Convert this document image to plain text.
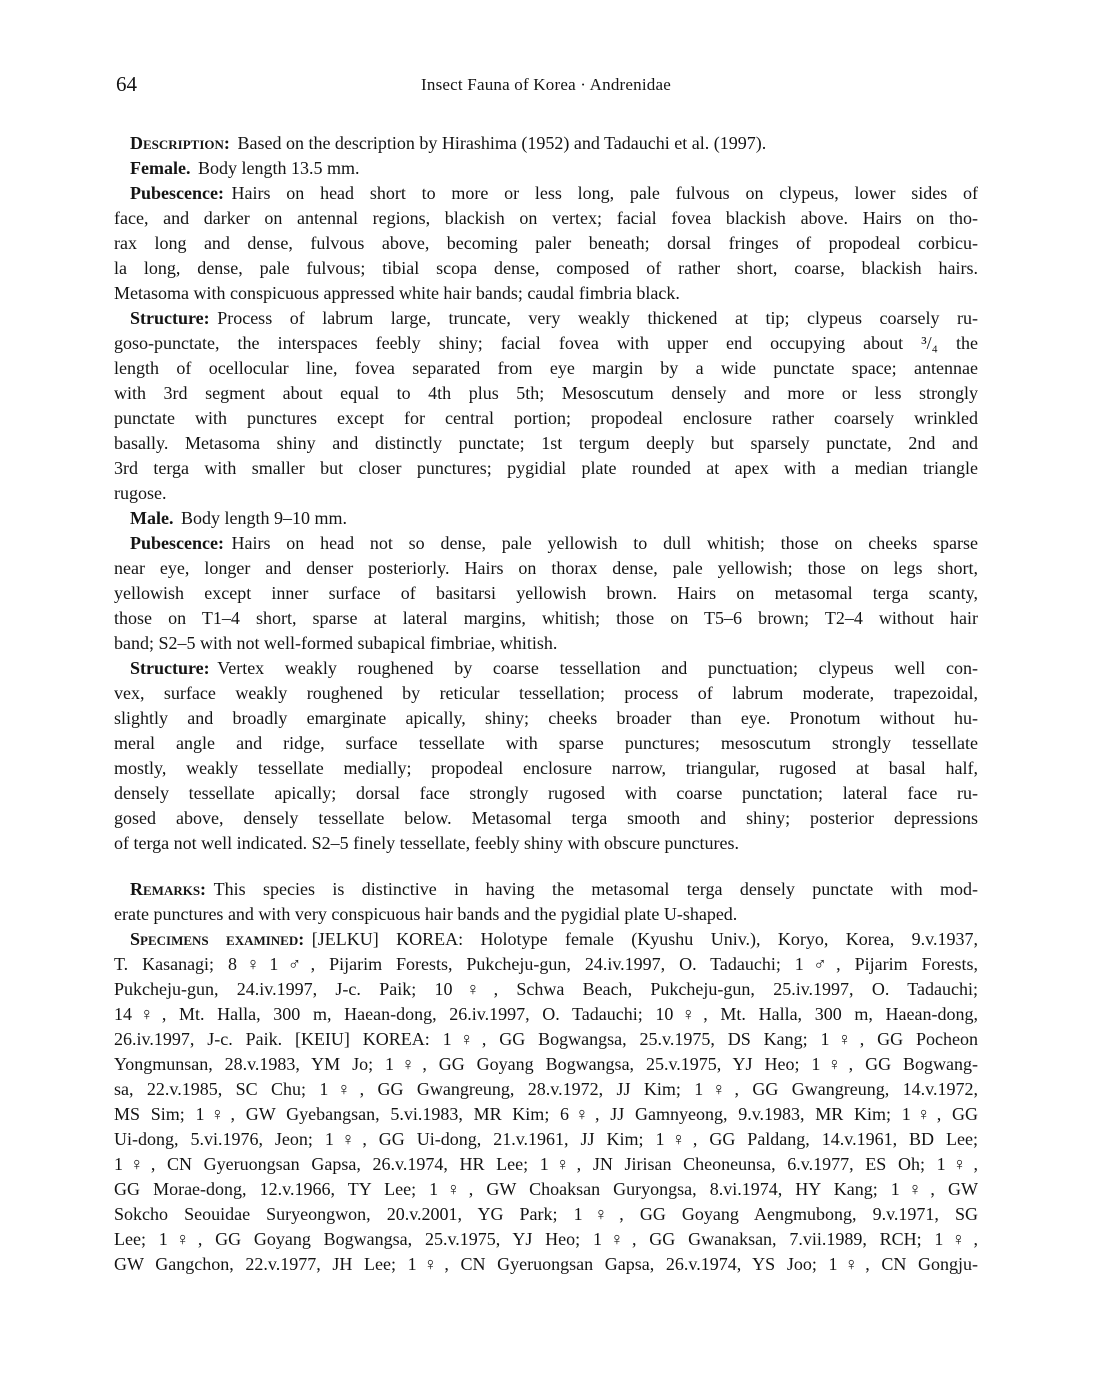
64	Insect Fauna of Korea · Andrenidae
Description: Based on the description by Hirashima (1952) and Tadauchi et al. (1997).
Female. Body length 13.5 mm.
Pubescence: Hairs on head short to more or less long, pale fulvous on clypeus, lower sides of
face, and darker on antennal regions, blackish on vertex; facial fovea blackish above. Hairs on tho-
rax long and dense, fulvous above, becoming paler beneath; dorsal fringes of propodeal corbicu-
la long, dense, pale fulvous; tibial scopa dense, composed of rather short, coarse, blackish hairs.
Metasoma with conspicuous appressed white hair bands; caudal fimbria black.
Structure: Process of labrum large, truncate, very weakly thickened at tip; clypeus coarsely ru-
goso-punctate, the interspaces feebly shiny; facial fovea with upper end occupying about ³/₄ the
length of ocellocular line, fovea separated from eye margin by a wide punctate space; antennae
with 3rd segment about equal to 4th plus 5th; Mesoscutum densely and more or less strongly
punctate with punctures except for central portion; propodeal enclosure rather coarsely wrinkled
basally. Metasoma shiny and distinctly punctate; 1st tergum deeply but sparsely punctate, 2nd and
3rd terga with smaller but closer punctures; pygidial plate rounded at apex with a median triangle
rugose.
Male. Body length 9–10 mm.
Pubescence: Hairs on head not so dense, pale yellowish to dull whitish; those on cheeks sparse
near eye, longer and denser posteriorly. Hairs on thorax dense, pale yellowish; those on legs short,
yellowish except inner surface of basitarsi yellowish brown. Hairs on metasomal terga scanty,
those on T1–4 short, sparse at lateral margins, whitish; those on T5–6 brown; T2–4 without hair
band; S2–5 with not well-formed subapical fimbriae, whitish.
Structure: Vertex weakly roughened by coarse tessellation and punctuation; clypeus well con-
vex, surface weakly roughened by reticular tessellation; process of labrum moderate, trapezoidal,
slightly and broadly emarginate apically, shiny; cheeks broader than eye. Pronotum without hu-
meral angle and ridge, surface tessellate with sparse punctures; mesoscutum strongly tessellate
mostly, weakly tessellate medially; propodeal enclosure narrow, triangular, rugosed at basal half,
densely tessellate apically; dorsal face strongly rugosed with coarse punctation; lateral face ru-
gosed above, densely tessellate below. Metasomal terga smooth and shiny; posterior depressions
of terga not well indicated. S2–5 finely tessellate, feebly shiny with obscure punctures.
Remarks: This species is distinctive in having the metasomal terga densely punctate with mod-
erate punctures and with very conspicuous hair bands and the pygidial plate U-shaped.
Specimens examined: [JELKU] KOREA: Holotype female (Kyushu Univ.), Koryo, Korea, 9.v.1937,
T. Kasanagi; 8♀1♂, Pijarim Forests, Pukcheju-gun, 24.iv.1997, O. Tadauchi; 1♂, Pijarim Forests,
Pukcheju-gun, 24.iv.1997, J-c. Paik; 10♀, Schwa Beach, Pukcheju-gun, 25.iv.1997, O. Tadauchi;
14♀, Mt. Halla, 300 m, Haean-dong, 26.iv.1997, O. Tadauchi; 10♀, Mt. Halla, 300 m, Haean-dong,
26.iv.1997, J-c. Paik. [KEIU] KOREA: 1♀, GG Bogwangsa, 25.v.1975, DS Kang; 1♀, GG Pocheon
Yongmunsan, 28.v.1983, YM Jo; 1♀, GG Goyang Bogwangsa, 25.v.1975, YJ Heo; 1♀, GG Bogwang-
sa, 22.v.1985, SC Chu; 1♀, GG Gwangreung, 28.v.1972, JJ Kim; 1♀, GG Gwangreung, 14.v.1972,
MS Sim; 1♀, GW Gyebangsan, 5.vi.1983, MR Kim; 6♀, JJ Gamnyeong, 9.v.1983, MR Kim; 1♀, GG
Ui-dong, 5.vi.1976, Jeon; 1♀, GG Ui-dong, 21.v.1961, JJ Kim; 1♀, GG Paldang, 14.v.1961, BD Lee;
1♀, CN Gyeruongsan Gapsa, 26.v.1974, HR Lee; 1♀, JN Jirisan Cheoneunsa, 6.v.1977, ES Oh; 1♀,
GG Morae-dong, 12.v.1966, TY Lee; 1♀, GW Choaksan Guryongsa, 8.vi.1974, HY Kang; 1♀, GW
Sokcho Seouidae Suryeongwon, 20.v.2001, YG Park; 1♀, GG Goyang Aengmubong, 9.v.1971, SG
Lee; 1♀, GG Goyang Bogwangsa, 25.v.1975, YJ Heo; 1♀, GG Gwanaksan, 7.vii.1989, RCH; 1♀,
GW Gangchon, 22.v.1977, JH Lee; 1♀, CN Gyeruongsan Gapsa, 26.v.1974, YS Joo; 1♀, CN Gongju-
